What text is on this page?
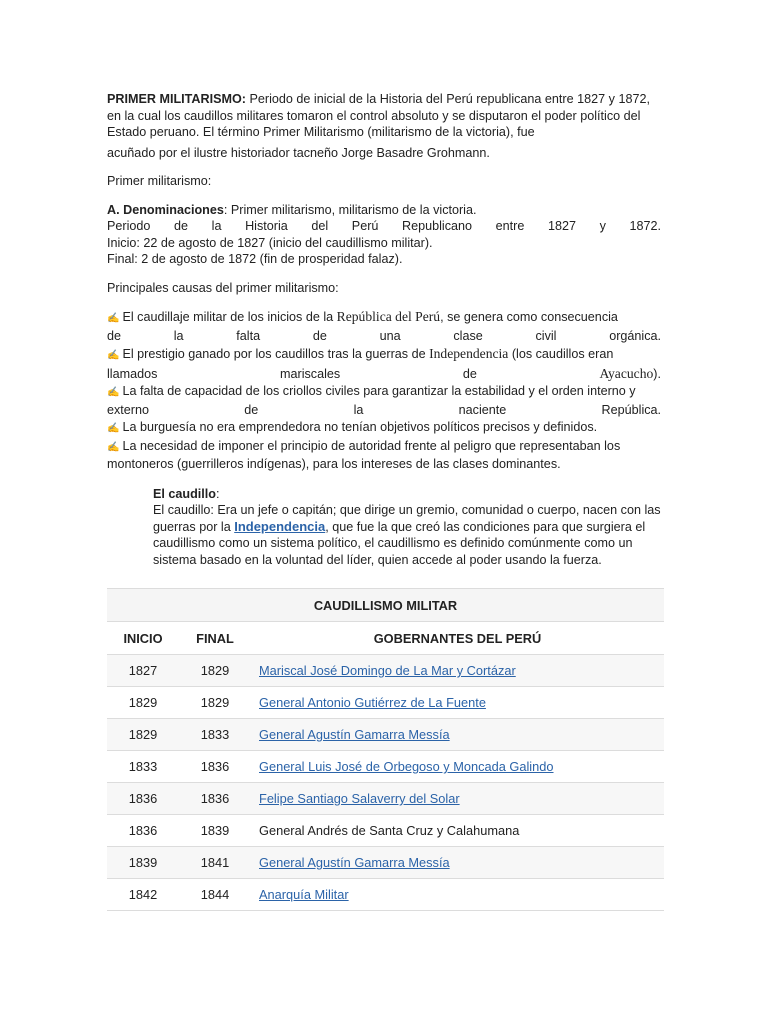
PRIMER MILITARISMO: Periodo de inicial de la Historia del Perú republicana entre 1827 y 1872, en la cual los caudillos militares tomaron el control absoluto y se disputaron el poder político del Estado peruano. El término Primer Militarismo (militarismo de la victoria), fue
acuñado por el ilustre historiador tacneño Jorge Basadre Grohmann.

Primer militarismo:

A. Denominaciones: Primer militarismo, militarismo de la victoria.

Periodo de la Historia del Perú Republicano entre 1827 y 1872.

Inicio: 22 de agosto de 1827 (inicio del caudillismo militar).

Final: 2 de agosto de 1872 (fin de prosperidad falaz).

Principales causas del primer militarismo:

✍ El caudillaje militar de los inicios de la República del Perú, se genera como consecuencia
de	la	falta	de	una	clase	civil	orgánica.
✍ El prestigio ganado por los caudillos tras la guerras de Independencia (los caudillos eran
llamados	mariscales	de	Ayacucho).
✍ La falta de capacidad de los criollos civiles para garantizar la estabilidad y el orden interno y
externo	de	la	naciente	República.
✍ La burguesía no era emprendedora no tenían objetivos políticos precisos y definidos.
✍ La necesidad de imponer el principio de autoridad frente al peligro que representaban los
montoneros (guerrilleros indígenas), para los intereses de las clases dominantes.

El caudillo:

El caudillo: Era un jefe o capitán; que dirige un gremio, comunidad o cuerpo, nacen con las guerras por la Independencia, que fue la que creó las condiciones para que surgiera el caudillismo como un sistema político, el caudillismo es definido comúnmente como un sistema basado en la voluntad del líder, quien accede al poder usando la fuerza.

CAUDILLISMO MILITAR		
INICIO	FINAL	GOBERNANTES DEL PERÚ
1827	1829	Mariscal José Domingo de La Mar y Cortázar
1829	1829	General Antonio Gutiérrez de La Fuente
1829	1833	General Agustín Gamarra Messía
1833	1836	General Luis José de Orbegoso y Moncada Galindo
1836	1836	Felipe Santiago Salaverry del Solar
1836	1839	General Andrés de Santa Cruz y Calahumana
1839	1841	General Agustín Gamarra Messía
1842	1844	Anarquía Militar
